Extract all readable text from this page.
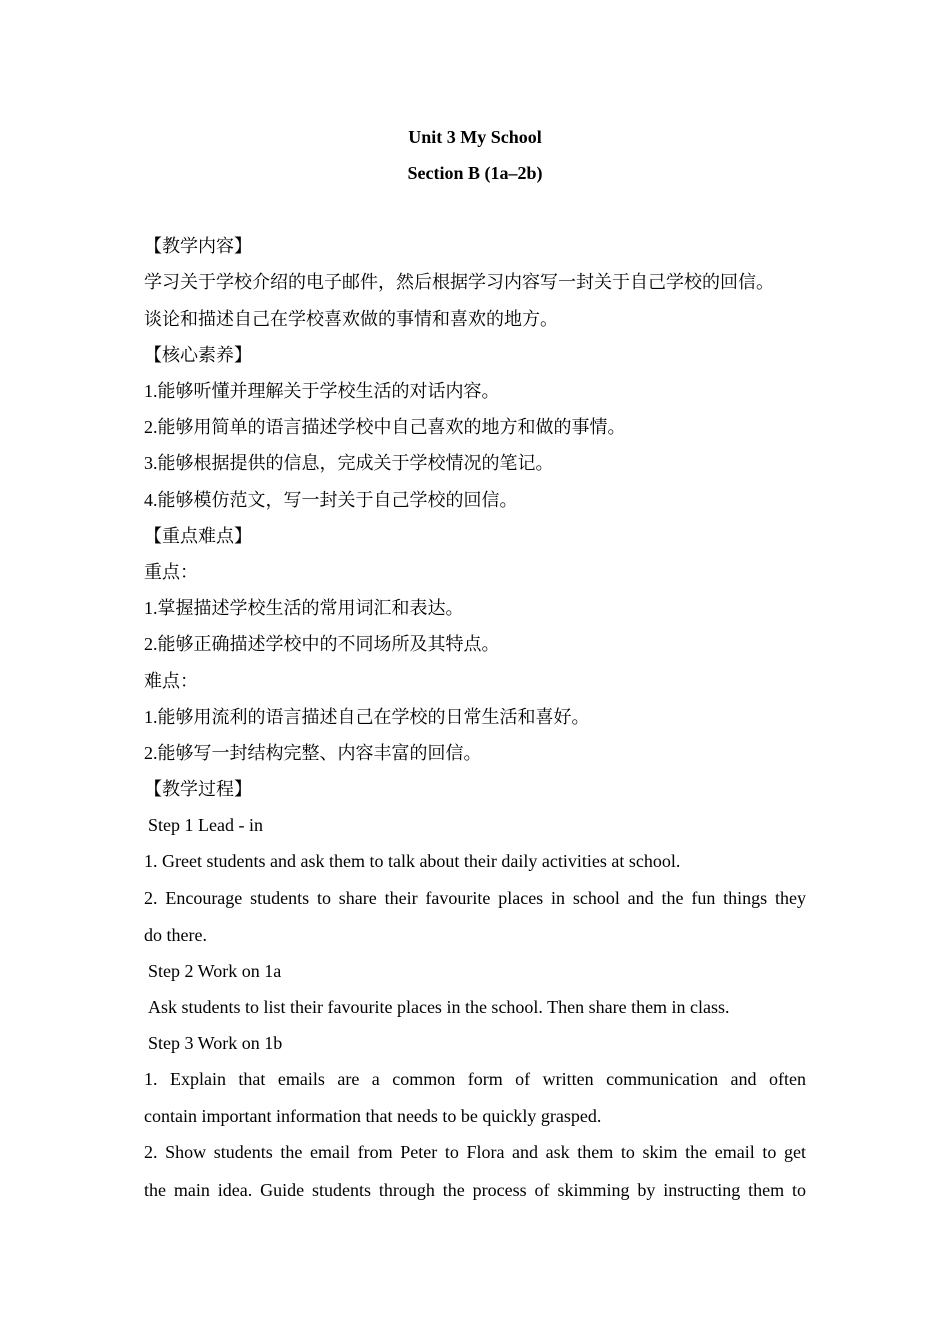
Unit 3 My School
Section B (1a–2b)
【教学内容】
学习关于学校介绍的电子邮件，然后根据学习内容写一封关于自己学校的回信。
谈论和描述自己在学校喜欢做的事情和喜欢的地方。
【核心素养】
1.能够听懂并理解关于学校生活的对话内容。
2.能够用简单的语言描述学校中自己喜欢的地方和做的事情。
3.能够根据提供的信息，完成关于学校情况的笔记。
4.能够模仿范文，写一封关于自己学校的回信。
【重点难点】
重点：
1.掌握描述学校生活的常用词汇和表达。
2.能够正确描述学校中的不同场所及其特点。
难点：
1.能够用流利的语言描述自己在学校的日常生活和喜好。
2.能够写一封结构完整、内容丰富的回信。
【教学过程】
Step 1 Lead - in
1. Greet students and ask them to talk about their daily activities at school.
2. Encourage students to share their favourite places in school and the fun things they
do there.
Step 2 Work on 1a
Ask students to list their favourite places in the school. Then share them in class.
Step 3 Work on 1b
1. Explain that emails are a common form of written communication and often
contain important information that needs to be quickly grasped.
2. Show students the email from Peter to Flora and ask them to skim the email to get
the main idea. Guide students through the process of skimming by instructing them to
